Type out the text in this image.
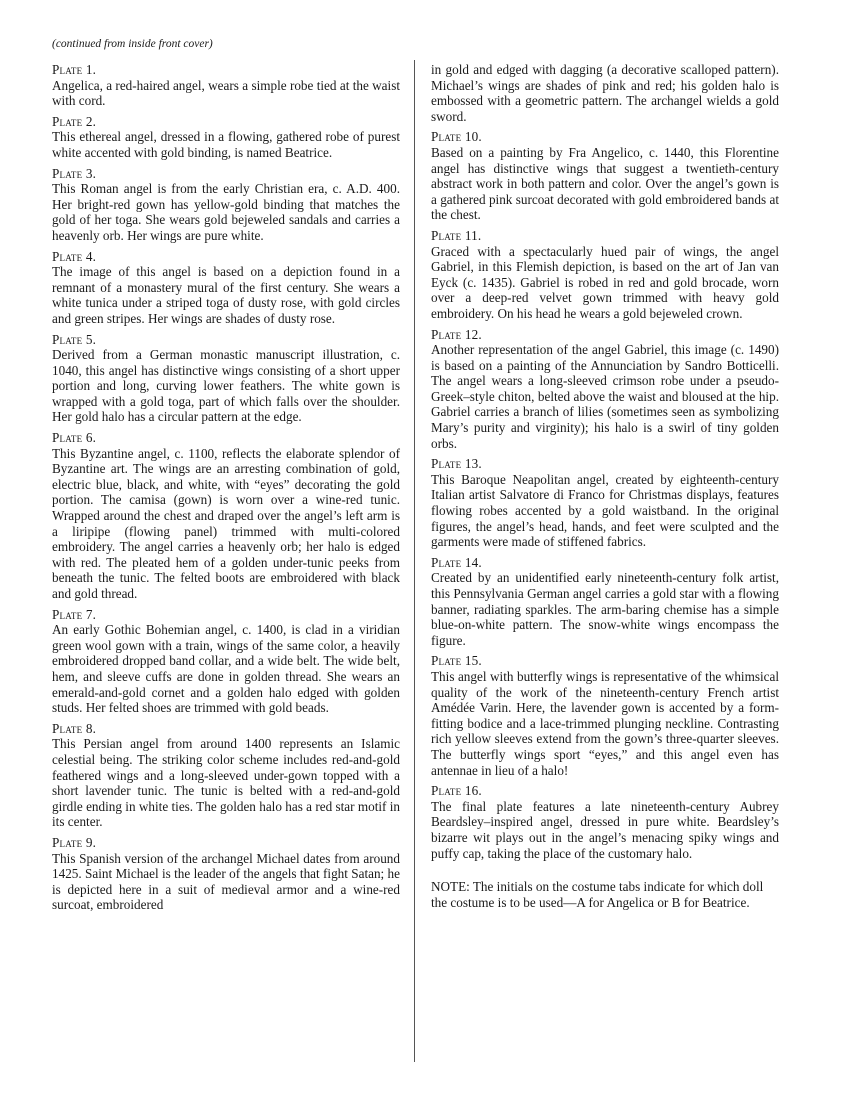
(continued from inside front cover)

Plate 1.

Angelica, a red-haired angel, wears a simple robe tied at the waist with cord.

Plate 2.

This ethereal angel, dressed in a flowing, gathered robe of purest white accented with gold binding, is named Beatrice.

Plate 3.

This Roman angel is from the early Christian era, c. A.D. 400. Her bright-red gown has yellow-gold binding that matches the gold of her toga. She wears gold bejeweled sandals and carries a heavenly orb. Her wings are pure white.

Plate 4.

The image of this angel is based on a depiction found in a remnant of a monastery mural of the first century. She wears a white tunica under a striped toga of dusty rose, with gold circles and green stripes. Her wings are shades of dusty rose.

Plate 5.

Derived from a German monastic manuscript illustration, c. 1040, this angel has distinctive wings consisting of a short upper portion and long, curving lower feathers. The white gown is wrapped with a gold toga, part of which falls over the shoulder. Her gold halo has a circular pattern at the edge.

Plate 6.

This Byzantine angel, c. 1100, reflects the elaborate splendor of Byzantine art. The wings are an arresting combination of gold, electric blue, black, and white, with “eyes” decorating the gold portion. The camisa (gown) is worn over a wine-red tunic. Wrapped around the chest and draped over the angel’s left arm is a liripipe (flowing panel) trimmed with multi-colored embroidery. The angel carries a heavenly orb; her halo is edged with red. The pleated hem of a golden under-tunic peeks from beneath the tunic. The felted boots are embroidered with black and gold thread.

Plate 7.

An early Gothic Bohemian angel, c. 1400, is clad in a viridian green wool gown with a train, wings of the same color, a heavily embroidered dropped band collar, and a wide belt. The wide belt, hem, and sleeve cuffs are done in golden thread. She wears an emerald-and-gold cornet and a golden halo edged with golden studs. Her felted shoes are trimmed with gold beads.

Plate 8.

This Persian angel from around 1400 represents an Islamic celestial being. The striking color scheme includes red-and-gold feathered wings and a long-sleeved under-gown topped with a short lavender tunic. The tunic is belted with a red-and-gold girdle ending in white ties. The golden halo has a red star motif in its center.

Plate 9.

This Spanish version of the archangel Michael dates from around 1425. Saint Michael is the leader of the angels that fight Satan; he is depicted here in a suit of medieval armor and a wine-red surcoat, embroidered

in gold and edged with dagging (a decorative scalloped pattern). Michael’s wings are shades of pink and red; his golden halo is embossed with a geometric pattern. The archangel wields a gold sword.

Plate 10.

Based on a painting by Fra Angelico, c. 1440, this Florentine angel has distinctive wings that suggest a twentieth-century abstract work in both pattern and color. Over the angel’s gown is a gathered pink surcoat decorated with gold embroidered bands at the chest.

Plate 11.

Graced with a spectacularly hued pair of wings, the angel Gabriel, in this Flemish depiction, is based on the art of Jan van Eyck (c. 1435). Gabriel is robed in red and gold brocade, worn over a deep-red velvet gown trimmed with heavy gold embroidery. On his head he wears a gold bejeweled crown.

Plate 12.

Another representation of the angel Gabriel, this image (c. 1490) is based on a painting of the Annunciation by Sandro Botticelli. The angel wears a long-sleeved crimson robe under a pseudo-Greek–style chiton, belted above the waist and bloused at the hip. Gabriel carries a branch of lilies (sometimes seen as symbolizing Mary’s purity and virginity); his halo is a swirl of tiny golden orbs.

Plate 13.

This Baroque Neapolitan angel, created by eighteenth-century Italian artist Salvatore di Franco for Christmas displays, features flowing robes accented by a gold waistband. In the original figures, the angel’s head, hands, and feet were sculpted and the garments were made of stiffened fabrics.

Plate 14.

Created by an unidentified early nineteenth-century folk artist, this Pennsylvania German angel carries a gold star with a flowing banner, radiating sparkles. The arm-baring chemise has a simple blue-on-white pattern. The snow-white wings encompass the figure.

Plate 15.

This angel with butterfly wings is representative of the whimsical quality of the work of the nineteenth-century French artist Amédée Varin. Here, the lavender gown is accented by a form-fitting bodice and a lace-trimmed plunging neckline. Contrasting rich yellow sleeves extend from the gown’s three-quarter sleeves. The butterfly wings sport “eyes,” and this angel even has antennae in lieu of a halo!

Plate 16.

The final plate features a late nineteenth-century Aubrey Beardsley–inspired angel, dressed in pure white. Beardsley’s bizarre wit plays out in the angel’s menacing spiky wings and puffy cap, taking the place of the customary halo.

NOTE: The initials on the costume tabs indicate for which doll the costume is to be used—A for Angelica or B for Beatrice.
